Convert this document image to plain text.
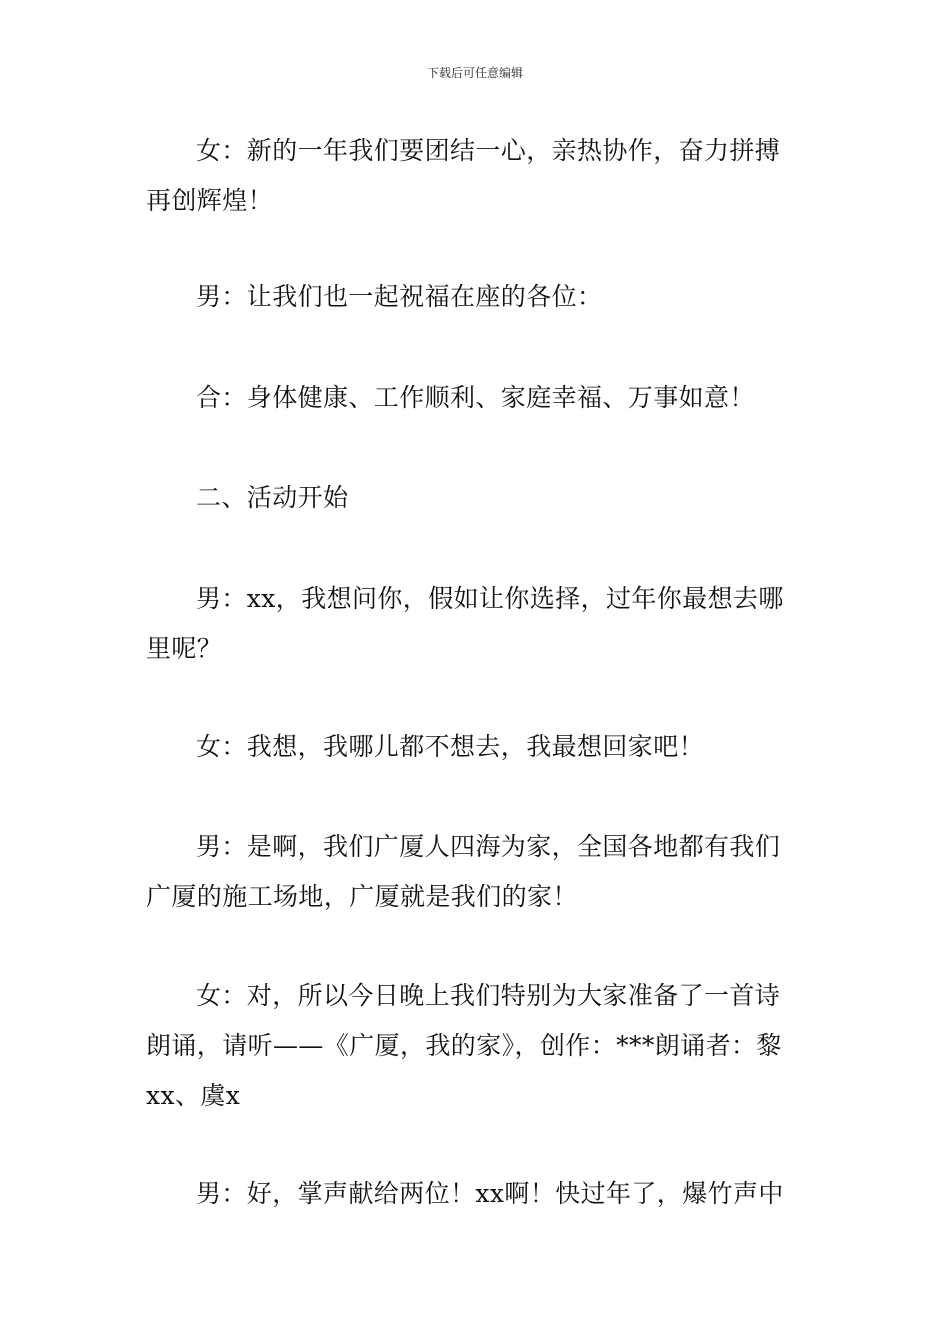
下载后可任意编辑

女：新的一年我们要团结一心，亲热协作，奋力拼搏
再创辉煌！

男：让我们也一起祝福在座的各位：

合：身体健康、工作顺利、家庭幸福、万事如意！

二、活动开始

男：xx，我想问你，假如让你选择，过年你最想去哪
里呢？

女：我想，我哪儿都不想去，我最想回家吧！

男：是啊，我们广厦人四海为家，全国各地都有我们
广厦的施工场地，广厦就是我们的家！

女：对，所以今日晚上我们特别为大家准备了一首诗
朗诵，请听——《广厦，我的家》，创作：***朗诵者：黎
xx、虞x

男：好，掌声献给两位！xx啊！快过年了，爆竹声中
